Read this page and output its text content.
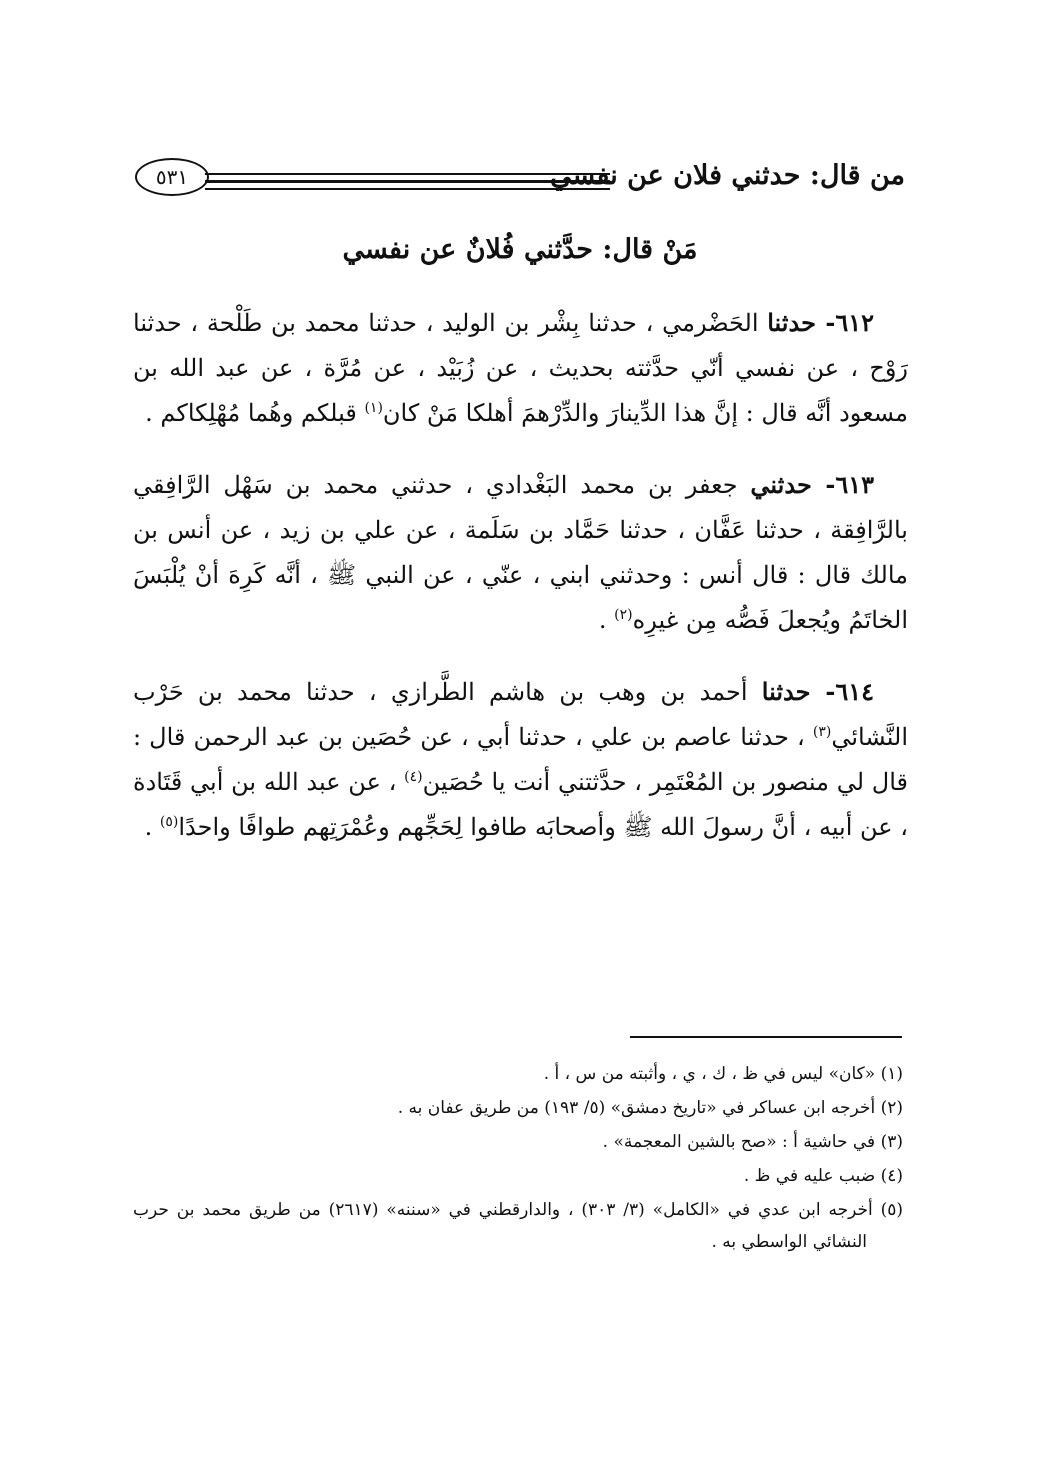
من قال: حدثني فلان عن نفسي
٥٣١
مَنْ قال: حدَّثني فُلانٌ عن نفسي

٦١٢- حدثنا الحَضْرمي ، حدثنا بِشْر بن الوليد ، حدثنا محمد بن طَلْحة ، حدثنا رَوْح ، عن نفسي أنّي حدَّثته بحديث ، عن زُبَيْد ، عن مُرَّة ، عن عبد الله بن مسعود أنَّه قال : إنَّ هذا الدِّينارَ والدِّرْهمَ أهلكا مَنْ كان$^{(١)}$ قبلكم وهُما مُهْلِكاكم .

٦١٣- حدثني جعفر بن محمد البَغْدادي ، حدثني محمد بن سَهْل الرَّافِقي بالرَّافِقة ، حدثنا عَفَّان ، حدثنا حَمَّاد بن سَلَمة ، عن علي بن زيد ، عن أنس بن مالك قال : قال أنس : وحدثني ابني ، عنّي ، عن النبي ﷺ ، أنَّه كَرِهَ أنْ يُلْبَسَ الخاتَمُ ويُجعلَ فَصُّه مِن غيرِه$^{(٢)}$ .

٦١٤- حدثنا أحمد بن وهب بن هاشم الطَّرازي ، حدثنا محمد بن حَرْب النَّشائي$^{(٣)}$ ، حدثنا عاصم بن علي ، حدثنا أبي ، عن حُصَين بن عبد الرحمن قال : قال لي منصور بن المُعْتَمِر ، حدَّثتني أنت يا حُصَين$^{(٤)}$ ، عن عبد الله بن أبي قَتَادة ، عن أبيه ، أنَّ رسولَ الله ﷺ وأصحابَه طافوا لِحَجِّهم وعُمْرَتِهم طوافًا واحدًا$^{(٥)}$ .

(١) «كان» ليس في ظ ، ك ، ي ، وأثبته من س ، أ .

(٢) أخرجه ابن عساكر في «تاريخ دمشق» (٥/ ١٩٣) من طريق عفان به .

(٣) في حاشية أ : «صح بالشين المعجمة» .

(٤) ضبب عليه في ظ .

(٥) أخرجه ابن عدي في «الكامل» (٣/ ٣٠٣) ، والدارقطني في «سننه» (٢٦١٧) من طريق محمد بن حرب النشائي الواسطي به .
